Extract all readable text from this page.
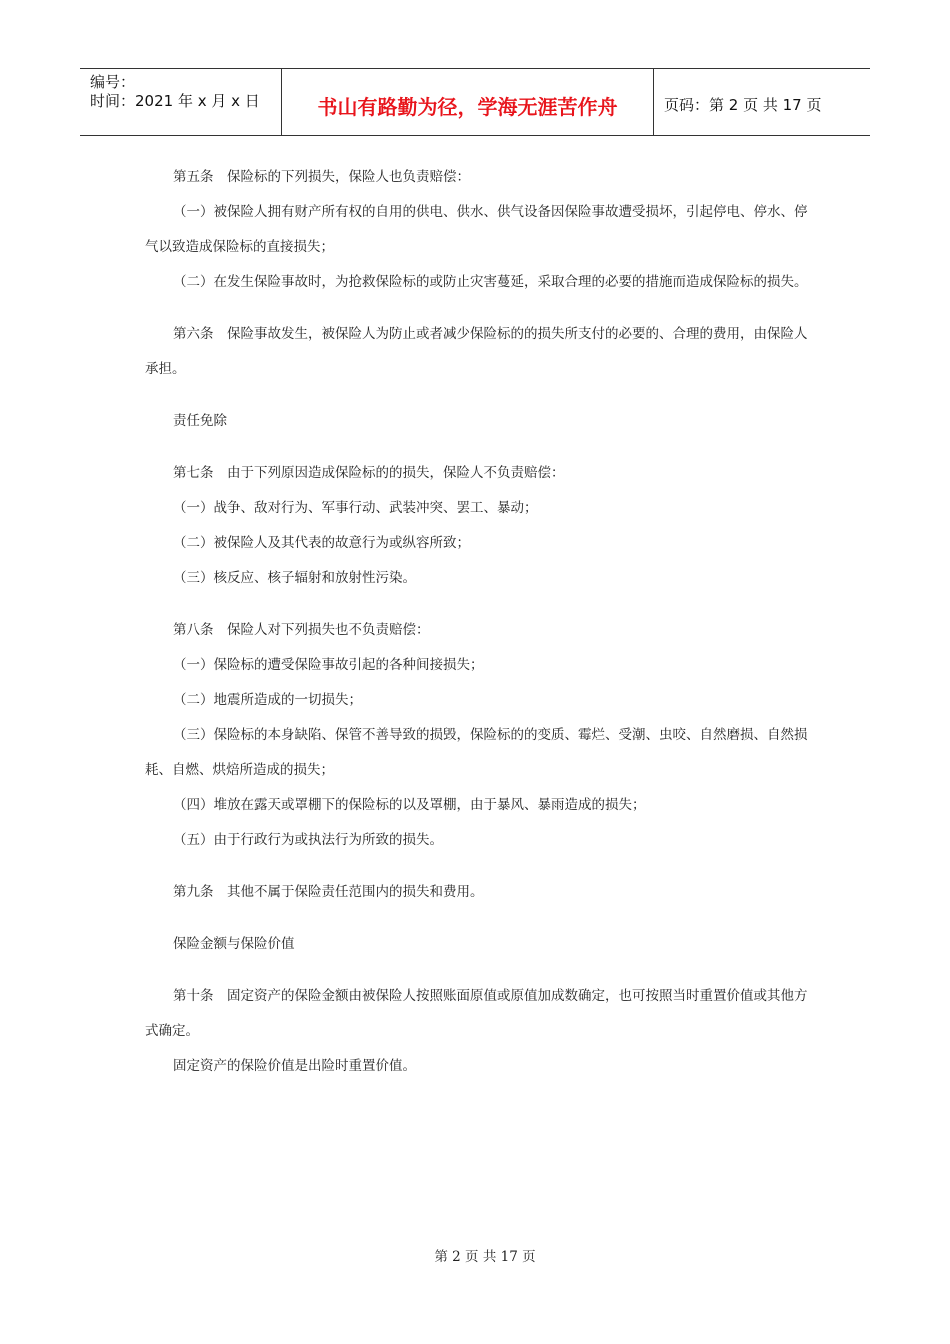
编号：
时间：2021 年 x 月 x 日	书山有路勤为径，学海无涯苦作舟	页码：第 2 页 共 17 页

第五条　保险标的下列损失，保险人也负责赔偿：

（一）被保险人拥有财产所有权的自用的供电、供水、供气设备因保险事故遭受损坏，引起停电、停水、停气以致造成保险标的直接损失；

（二）在发生保险事故时，为抢救保险标的或防止灾害蔓延，采取合理的必要的措施而造成保险标的损失。

第六条　保险事故发生，被保险人为防止或者减少保险标的的损失所支付的必要的、合理的费用，由保险人承担。

责任免除

第七条　由于下列原因造成保险标的的损失，保险人不负责赔偿：

（一）战争、敌对行为、军事行动、武装冲突、罢工、暴动；

（二）被保险人及其代表的故意行为或纵容所致；

（三）核反应、核子辐射和放射性污染。

第八条　保险人对下列损失也不负责赔偿：

（一）保险标的遭受保险事故引起的各种间接损失；

（二）地震所造成的一切损失；

（三）保险标的本身缺陷、保管不善导致的损毁，保险标的的变质、霉烂、受潮、虫咬、自然磨损、自然损耗、自燃、烘焙所造成的损失；

（四）堆放在露天或罩棚下的保险标的以及罩棚，由于暴风、暴雨造成的损失；

（五）由于行政行为或执法行为所致的损失。

第九条　其他不属于保险责任范围内的损失和费用。

保险金额与保险价值

第十条　固定资产的保险金额由被保险人按照账面原值或原值加成数确定，也可按照当时重置价值或其他方式确定。

固定资产的保险价值是出险时重置价值。

第 2 页 共 17 页
